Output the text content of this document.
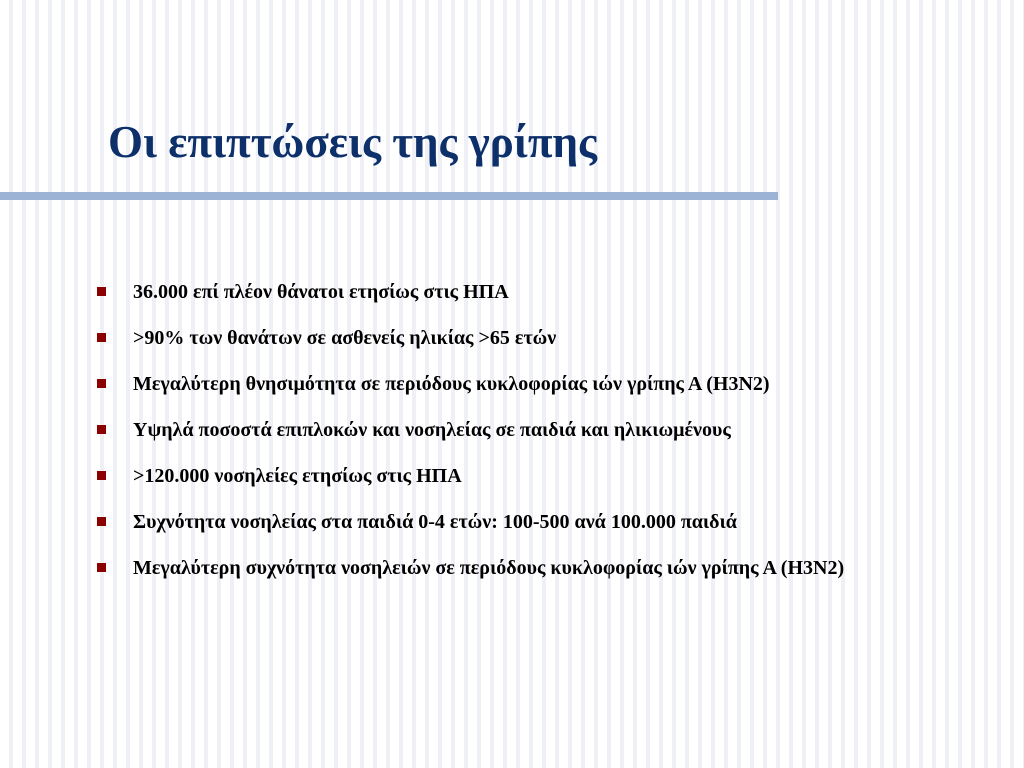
Οι επιπτώσεις της γρίπης
36.000 επί πλέον θάνατοι ετησίως στις ΗΠΑ
>90% των θανάτων σε ασθενείς ηλικίας >65 ετών
Μεγαλύτερη θνησιμότητα σε περιόδους κυκλοφορίας ιών γρίπης Α (Η3Ν2)
Υψηλά ποσοστά επιπλοκών και νοσηλείας σε παιδιά και ηλικιωμένους
>120.000 νοσηλείες ετησίως στις ΗΠΑ
Συχνότητα νοσηλείας στα παιδιά 0-4 ετών: 100-500 ανά 100.000 παιδιά
Μεγαλύτερη συχνότητα νοσηλειών σε περιόδους κυκλοφορίας ιών γρίπης Α (Η3Ν2)
